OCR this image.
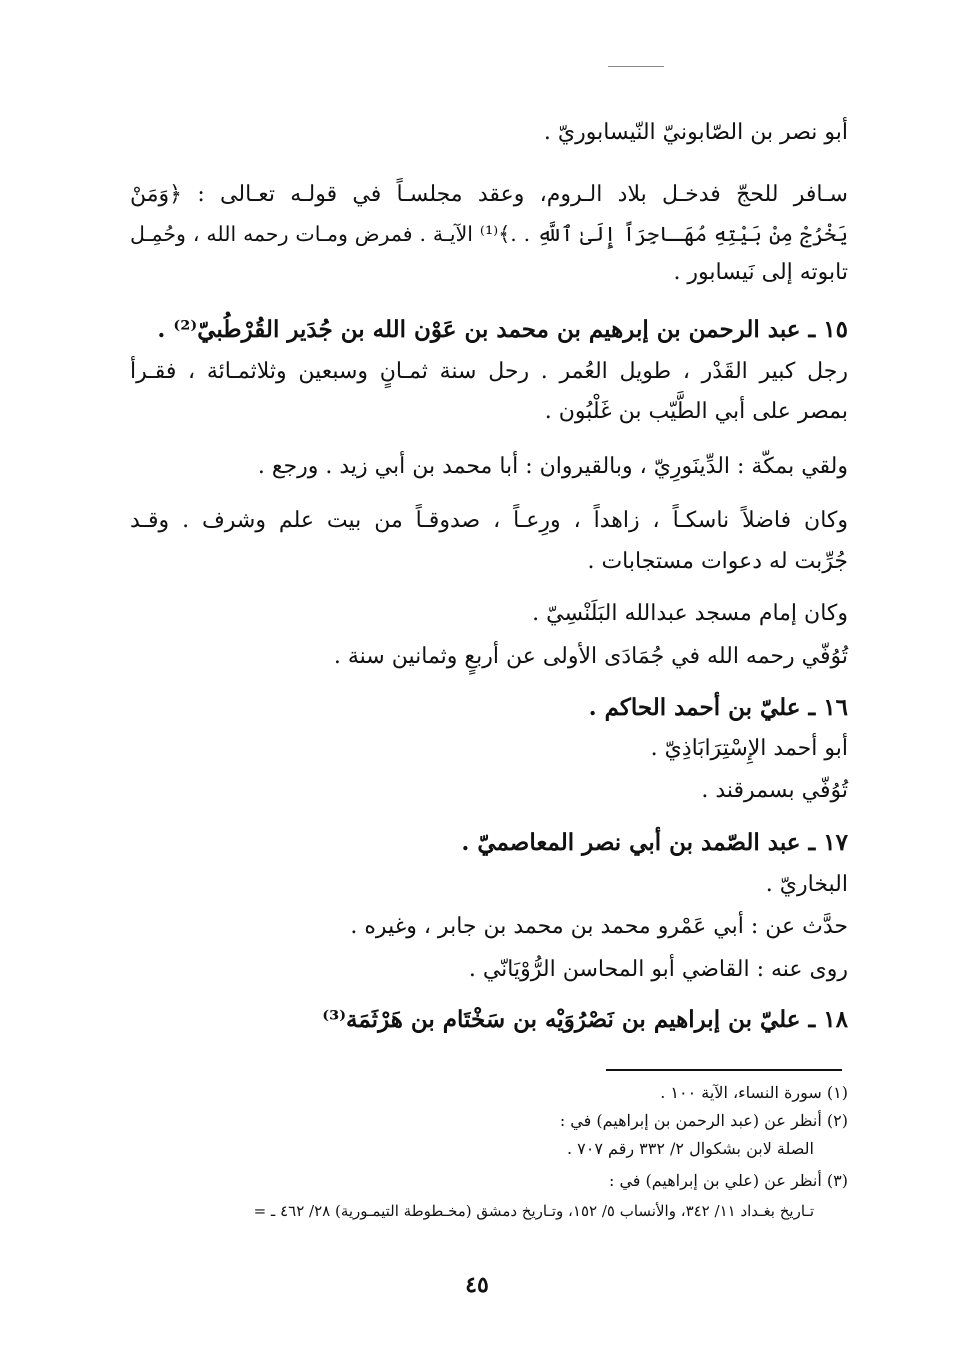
أبو نصر بن الصّابونيّ النّيسابوريّ .
سـافر للحجّ فدخـل بلاد الـروم، وعقد مجلسـاً في قولـه تعـالى : ﴿وَمَنْ
يَخْرُجْ مِنْ بَيْتِهِ مُهَـاجِرَاً إِلَىٰ ٱللَّهِ . .﴾⁽¹⁾ الآيـة . فمرض ومـات رحمه الله ، وحُمِـل
تابوته إلى نَيسابور .
١٥ ـ عبد الرحمن بن إبرهيم بن محمد بن عَوْن الله بن جُدَير القُرْطُبيّ⁽²⁾ .
رجل كبير القَدْر ، طويل العُمر . رحل سنة ثمـانٍ وسبعين وثلاثمـائة ، فقـرأ
بمصر على أبي الطَّيّب بن غَلْبُون .
ولقي بمكّة : الدِّينَورِيّ ، وبالقيروان : أبا محمد بن أبي زيد . ورجع .
وكان فاضلاً ناسكـاً ، زاهداً ، ورِعـاً ، صدوقـاً من بيت علم وشرف . وقـد
جُرِّبت له دعوات مستجابات .
وكان إمام مسجد عبدالله البَلَنْسِيّ .
تُوُفّي رحمه الله في جُمَادَى الأولى عن أربعٍ وثمانين سنة .
١٦ ـ عليّ بن أحمد الحاكم .
أبو أحمد الإِسْتِرَابَاذِيّ .
تُوُفّي بسمرقند .
١٧ ـ عبد الصّمد بن أبي نصر المعاصميّ .
البخاريّ .
حدَّث عن : أبي عَمْرو محمد بن محمد بن جابر ، وغيره .
روى عنه : القاضي أبو المحاسن الرُّوْيَانّي .
١٨ ـ عليّ بن إبراهيم بن نَصْرُوَيْه بن سَخْتَام بن هَرْثَمَة⁽³⁾
(١) سورة النساء، الآية ١٠٠ .
(٢) أنظر عن (عبد الرحمن بن إبراهيم) في :
الصلة لابن بشكوال ٢/ ٣٣٢ رقم ٧٠٧ .
(٣) أنظر عن (علي بن إبراهيم) في :
تـاريخ بغـداد ١١/ ٣٤٢، والأنساب ٥/ ١٥٢، وتـاريخ دمشق (مخـطوطة التيمـورية) ٢٨/ ٤٦٢ ـ =
٤٥
